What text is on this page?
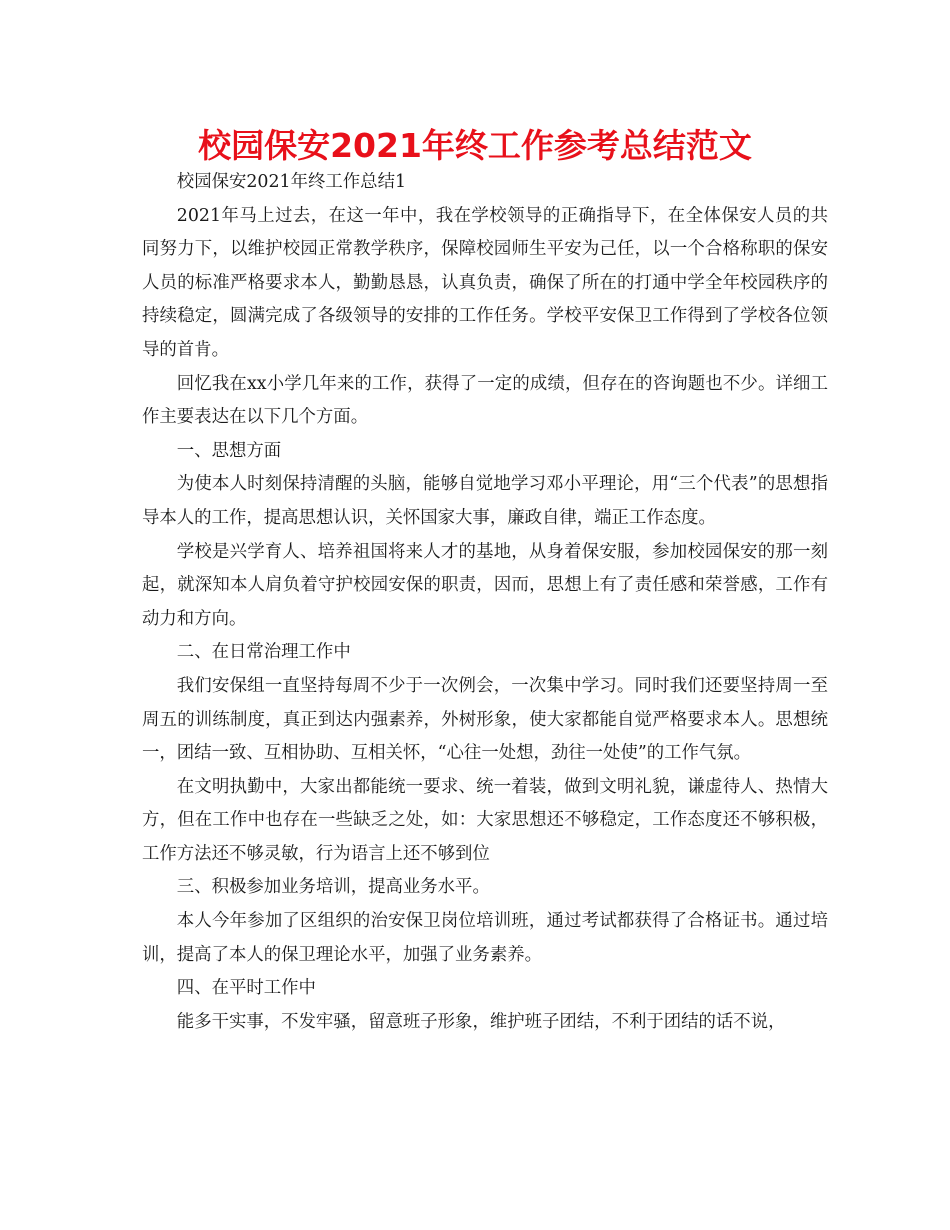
校园保安2021年终工作参考总结范文

校园保安2021年终工作总结1

2021年马上过去，在这一年中，我在学校领导的正确指导下，在全体保安人员的共同努力下，以维护校园正常教学秩序，保障校园师生平安为己任，以一个合格称职的保安人员的标准严格要求本人，勤勤恳恳，认真负责，确保了所在的打通中学全年校园秩序的持续稳定，圆满完成了各级领导的安排的工作任务。学校平安保卫工作得到了学校各位领导的首肯。

回忆我在xx小学几年来的工作，获得了一定的成绩，但存在的咨询题也不少。详细工作主要表达在以下几个方面。

一、思想方面

为使本人时刻保持清醒的头脑，能够自觉地学习邓小平理论，用“三个代表”的思想指导本人的工作，提高思想认识，关怀国家大事，廉政自律，端正工作态度。

学校是兴学育人、培养祖国将来人才的基地，从身着保安服，参加校园保安的那一刻起，就深知本人肩负着守护校园安保的职责，因而，思想上有了责任感和荣誉感，工作有动力和方向。

二、在日常治理工作中

我们安保组一直坚持每周不少于一次例会，一次集中学习。同时我们还要坚持周一至周五的训练制度，真正到达内强素养，外树形象，使大家都能自觉严格要求本人。思想统一，团结一致、互相协助、互相关怀，“心往一处想，劲往一处使”的工作气氛。

在文明执勤中，大家出都能统一要求、统一着装，做到文明礼貌，谦虚待人、热情大方，但在工作中也存在一些缺乏之处，如：大家思想还不够稳定，工作态度还不够积极，工作方法还不够灵敏，行为语言上还不够到位

三、积极参加业务培训，提高业务水平。

本人今年参加了区组织的治安保卫岗位培训班，通过考试都获得了合格证书。通过培训，提高了本人的保卫理论水平，加强了业务素养。

四、在平时工作中

能多干实事，不发牢骚，留意班子形象，维护班子团结，不利于团结的话不说，
